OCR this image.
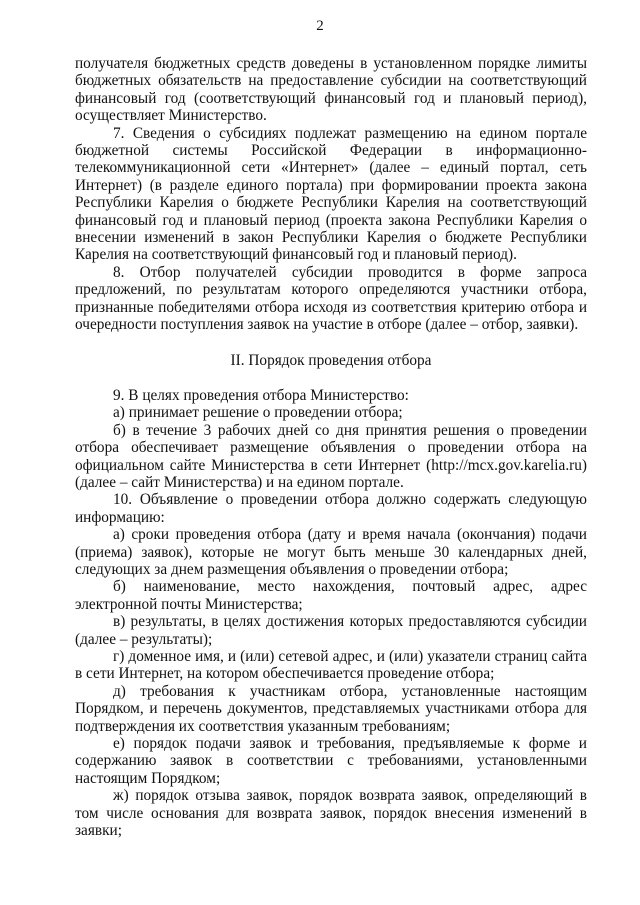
2

получателя бюджетных средств доведены в установленном порядке лимиты бюджетных обязательств на предоставление субсидии на соответствующий финансовый год (соответствующий финансовый год и плановый период), осуществляет Министерство.

7. Сведения о субсидиях подлежат размещению на едином портале бюджетной системы Российской Федерации в информационно-телекоммуникационной сети «Интернет» (далее – единый портал, сеть Интернет) (в разделе единого портала) при формировании проекта закона Республики Карелия о бюджете Республики Карелия на соответствующий финансовый год и плановый период (проекта закона Республики Карелия о внесении изменений в закон Республики Карелия о бюджете Республики Карелия на соответствующий финансовый год и плановый период).

8. Отбор получателей субсидии проводится в форме запроса предложений, по результатам которого определяются участники отбора, признанные победителями отбора исходя из соответствия критерию отбора и очередности поступления заявок на участие в отборе (далее – отбор, заявки).

II. Порядок проведения отбора

9. В целях проведения отбора Министерство:

а) принимает решение о проведении отбора;

б) в течение 3 рабочих дней со дня принятия решения о проведении отбора обеспечивает размещение объявления о проведении отбора на официальном сайте Министерства в сети Интернет (http://mcx.gov.karelia.ru) (далее – сайт Министерства) и на едином портале.

10. Объявление о проведении отбора должно содержать следующую информацию:

а) сроки проведения отбора (дату и время начала (окончания) подачи (приема) заявок), которые не могут быть меньше 30 календарных дней, следующих за днем размещения объявления о проведении отбора;

б) наименование, место нахождения, почтовый адрес, адрес электронной почты Министерства;

в) результаты, в целях достижения которых предоставляются субсидии (далее – результаты);

г) доменное имя, и (или) сетевой адрес, и (или) указатели страниц сайта в сети Интернет, на котором обеспечивается проведение отбора;

д) требования к участникам отбора, установленные настоящим Порядком, и перечень документов, представляемых участниками отбора для подтверждения их соответствия указанным требованиям;

е) порядок подачи заявок и требования, предъявляемые к форме и содержанию заявок в соответствии с требованиями, установленными настоящим Порядком;

ж) порядок отзыва заявок, порядок возврата заявок, определяющий в том числе основания для возврата заявок, порядок внесения изменений в заявки;
